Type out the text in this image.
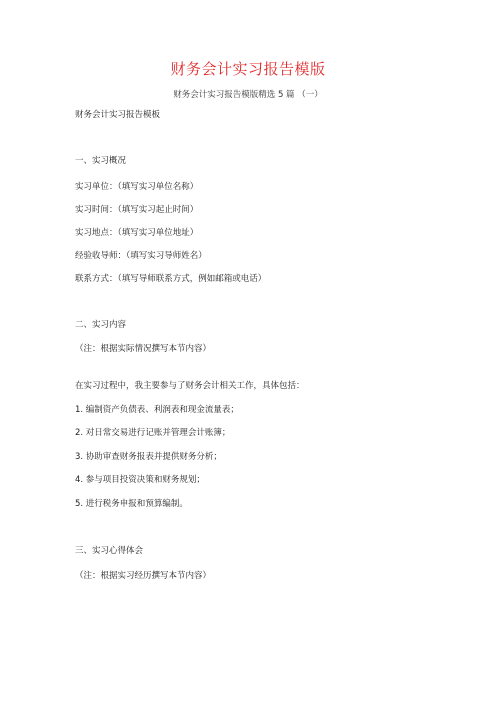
财务会计实习报告模版
财务会计实习报告模版精选 5 篇 （一）
财务会计实习报告模板
一、实习概况
实习单位：（填写实习单位名称）
实习时间：（填写实习起止时间）
实习地点：（填写实习单位地址）
经验收导师：（填写实习导师姓名）
联系方式：（填写导师联系方式，例如邮箱或电话）
二、实习内容
（注：根据实际情况撰写本节内容）
在实习过程中，我主要参与了财务会计相关工作，具体包括：
1. 编制资产负债表、利润表和现金流量表；
2. 对日常交易进行记账并管理会计账簿；
3. 协助审查财务报表并提供财务分析；
4. 参与项目投资决策和财务规划；
5. 进行税务申报和预算编制。
三、实习心得体会
（注：根据实习经历撰写本节内容）
